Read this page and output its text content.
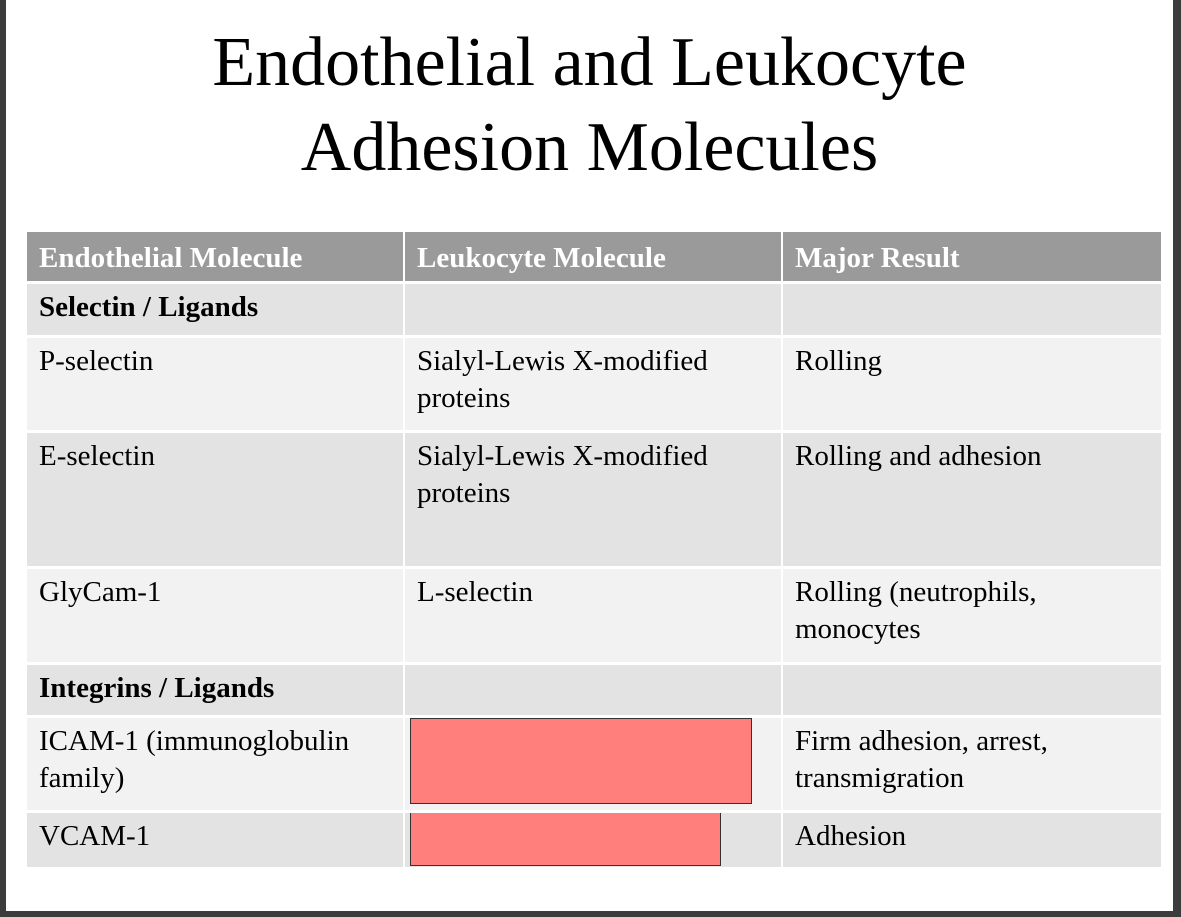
Endothelial and Leukocyte
Adhesion Molecules
Endothelial Molecule	Leukocyte Molecule	Major Result
Selectin / Ligands		
P-selectin	Sialyl-Lewis X-modified proteins	Rolling
E-selectin	Sialyl-Lewis X-modified proteins	Rolling and adhesion
GlyCam-1	L-selectin	Rolling (neutrophils, monocytes
Integrins / Ligands		
ICAM-1 (immunoglobulin family)		Firm adhesion, arrest, transmigration
VCAM-1		Adhesion
